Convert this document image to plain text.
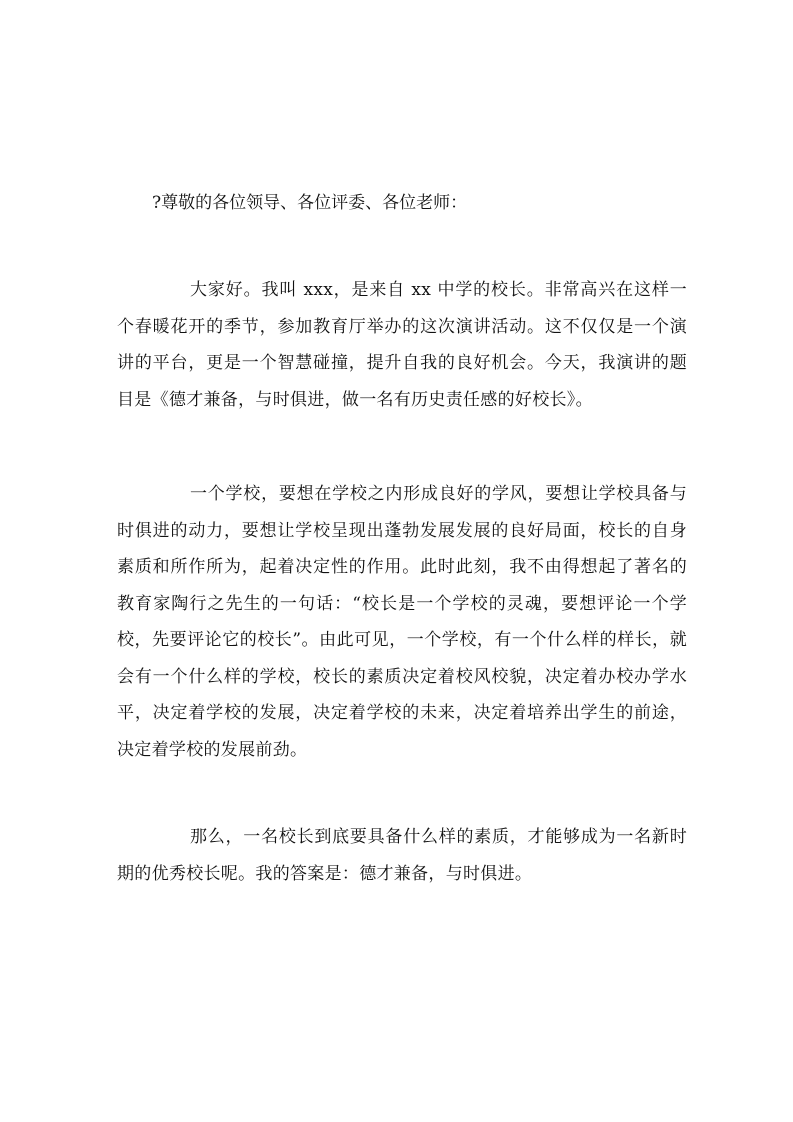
?尊敬的各位领导、各位评委、各位老师：

大家好。我叫 xxx，是来自 xx 中学的校长。非常高兴在这样一个春暖花开的季节，参加教育厅举办的这次演讲活动。这不仅仅是一个演讲的平台，更是一个智慧碰撞，提升自我的良好机会。今天，我演讲的题目是《德才兼备，与时俱进，做一名有历史责任感的好校长》。

一个学校，要想在学校之内形成良好的学风，要想让学校具备与时俱进的动力，要想让学校呈现出蓬勃发展发展的良好局面，校长的自身素质和所作所为，起着决定性的作用。此时此刻，我不由得想起了著名的教育家陶行之先生的一句话：“校长是一个学校的灵魂，要想评论一个学校，先要评论它的校长”。由此可见，一个学校，有一个什么样的样长，就会有一个什么样的学校，校长的素质决定着校风校貌，决定着办校办学水平，决定着学校的发展，决定着学校的未来，决定着培养出学生的前途，决定着学校的发展前劲。

那么，一名校长到底要具备什么样的素质，才能够成为一名新时期的优秀校长呢。我的答案是：德才兼备，与时俱进。
